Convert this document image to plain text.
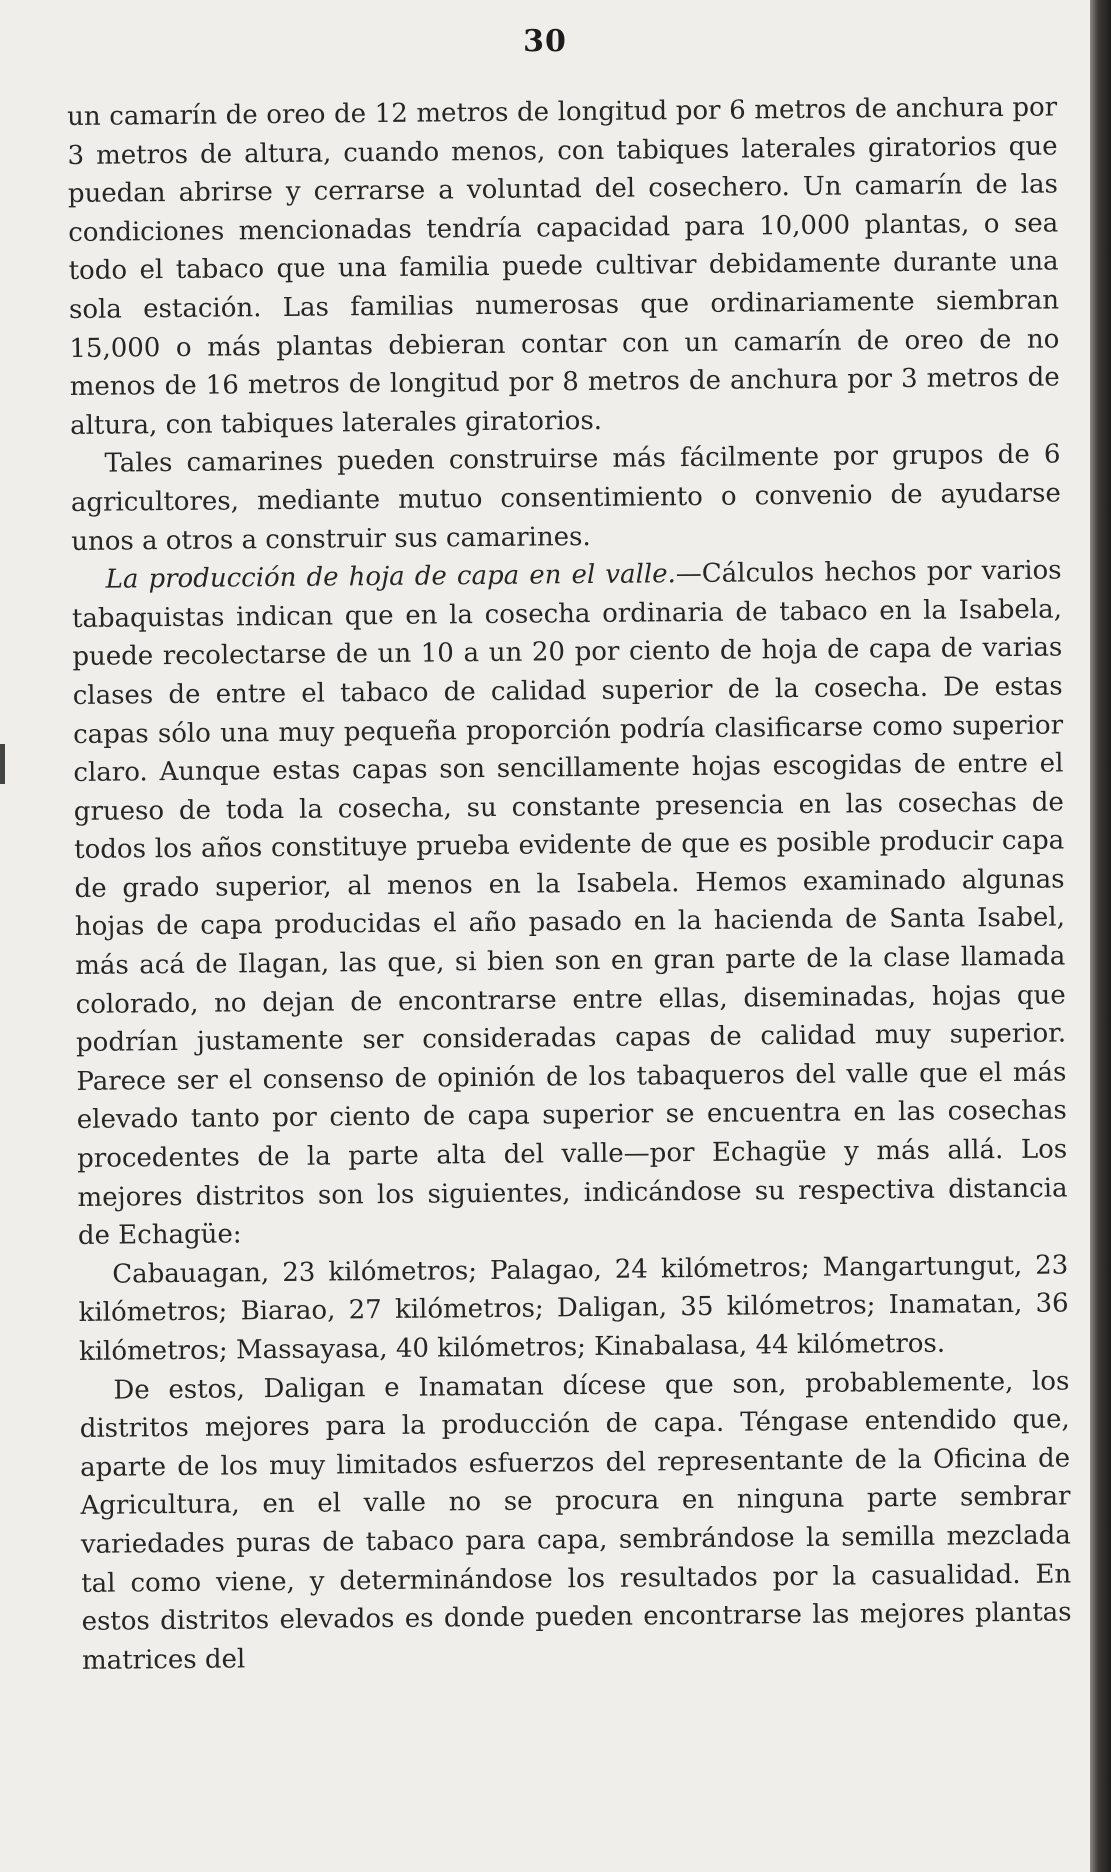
30

un camarín de oreo de 12 metros de longitud por 6 metros de anchura por 3 metros de altura, cuando menos, con tabiques laterales giratorios que puedan abrirse y cerrarse a voluntad del cosechero. Un camarín de las condiciones mencionadas tendría capacidad para 10,000 plantas, o sea todo el tabaco que una familia puede cultivar debidamente durante una sola estación. Las familias numerosas que ordinariamente siembran 15,000 o más plantas debieran contar con un camarín de oreo de no menos de 16 metros de longitud por 8 metros de anchura por 3 metros de altura, con tabiques laterales giratorios.

Tales camarines pueden construirse más fácilmente por grupos de 6 agricultores, mediante mutuo consentimiento o convenio de ayudarse unos a otros a construir sus camarines.

La producción de hoja de capa en el valle.—Cálculos hechos por varios tabaquistas indican que en la cosecha ordinaria de tabaco en la Isabela, puede recolectarse de un 10 a un 20 por ciento de hoja de capa de varias clases de entre el tabaco de calidad superior de la cosecha. De estas capas sólo una muy pequeña proporción podría clasificarse como superior claro. Aunque estas capas son sencillamente hojas escogidas de entre el grueso de toda la cosecha, su constante presencia en las cosechas de todos los años constituye prueba evidente de que es posible producir capa de grado superior, al menos en la Isabela. Hemos examinado algunas hojas de capa producidas el año pasado en la hacienda de Santa Isabel, más acá de Ilagan, las que, si bien son en gran parte de la clase llamada colorado, no dejan de encontrarse entre ellas, diseminadas, hojas que podrían justamente ser consideradas capas de calidad muy superior. Parece ser el consenso de opinión de los tabaqueros del valle que el más elevado tanto por ciento de capa superior se encuentra en las cosechas procedentes de la parte alta del valle—por Echagüe y más allá. Los mejores distritos son los siguientes, indicándose su respectiva distancia de Echagüe:

Cabauagan, 23 kilómetros; Palagao, 24 kilómetros; Mangartungut, 23 kilómetros; Biarao, 27 kilómetros; Daligan, 35 kilómetros; Inamatan, 36 kilómetros; Massayasa, 40 kilómetros; Kinabalasa, 44 kilómetros.

De estos, Daligan e Inamatan dícese que son, probablemente, los distritos mejores para la producción de capa. Téngase entendido que, aparte de los muy limitados esfuerzos del representante de la Oficina de Agricultura, en el valle no se procura en ninguna parte sembrar variedades puras de tabaco para capa, sembrándose la semilla mezclada tal como viene, y determinándose los resultados por la casualidad. En estos distritos elevados es donde pueden encontrarse las mejores plantas matrices del
